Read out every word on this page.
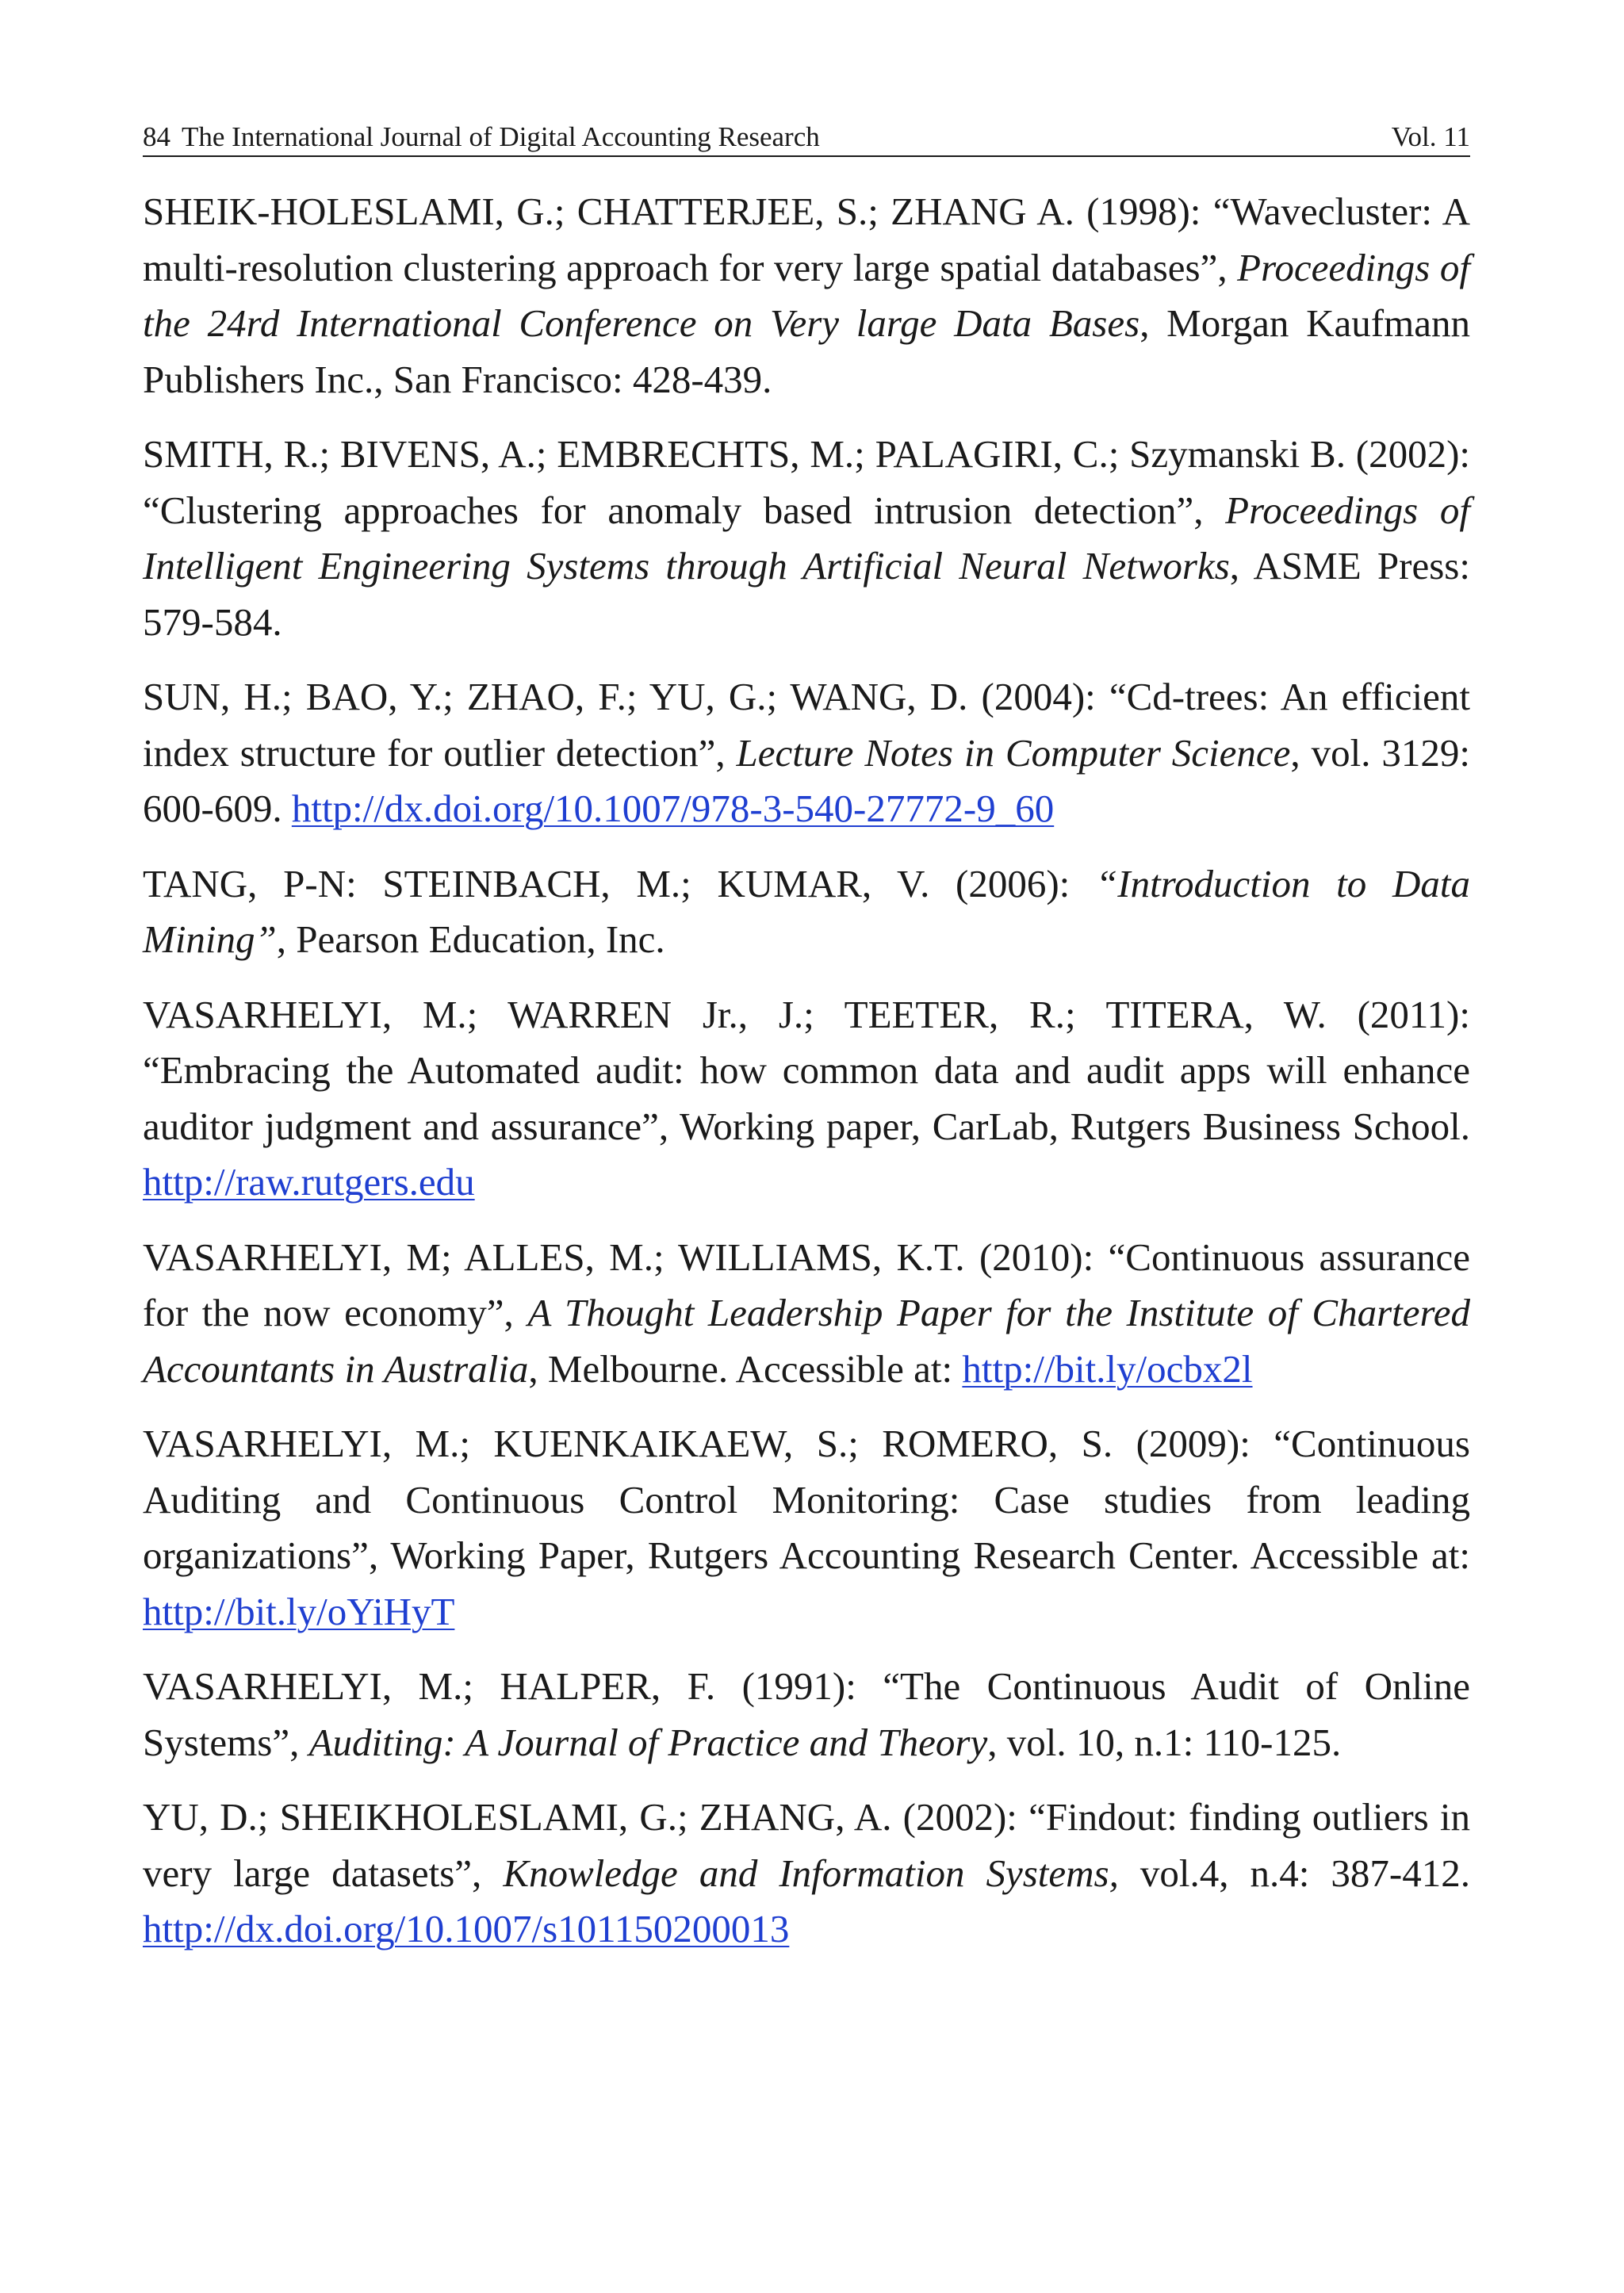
84 The International Journal of Digital Accounting Research	Vol. 11

SHEIK-HOLESLAMI, G.; CHATTERJEE, S.; ZHANG A. (1998): “Wavecluster: A multi-resolution clustering approach for very large spatial databases”, Proceedings of the 24rd International Conference on Very large Data Bases, Morgan Kaufmann Publishers Inc., San Francisco: 428-439.

SMITH, R.; BIVENS, A.; EMBRECHTS, M.; PALAGIRI, C.; Szymanski B. (2002): “Clustering approaches for anomaly based intrusion detection”, Proceedings of Intelligent Engineering Systems through Artificial Neural Networks, ASME Press: 579-584.

SUN, H.; BAO, Y.; ZHAO, F.; YU, G.; WANG, D. (2004): “Cd-trees: An efficient index structure for outlier detection”, Lecture Notes in Computer Science, vol. 3129: 600-609. http://dx.doi.org/10.1007/978-3-540-27772-9_60

TANG, P-N: STEINBACH, M.; KUMAR, V. (2006): “Introduction to Data Mining”, Pearson Education, Inc.

VASARHELYI, M.; WARREN Jr., J.; TEETER, R.; TITERA, W. (2011): “Embracing the Automated audit: how common data and audit apps will enhance auditor judgment and assurance”, Working paper, CarLab, Rutgers Business School. http://raw.rutgers.edu

VASARHELYI, M; ALLES, M.; WILLIAMS, K.T. (2010): “Continuous assurance for the now economy”, A Thought Leadership Paper for the Institute of Chartered Accountants in Australia, Melbourne. Accessible at: http://bit.ly/ocbx2l

VASARHELYI, M.; KUENKAIKAEW, S.; ROMERO, S. (2009): “Continuous Auditing and Continuous Control Monitoring: Case studies from leading organizations”, Working Paper, Rutgers Accounting Research Center. Accessible at: http://bit.ly/oYiHyT

VASARHELYI, M.; HALPER, F. (1991): “The Continuous Audit of Online Systems”, Auditing: A Journal of Practice and Theory, vol. 10, n.1: 110-125.

YU, D.; SHEIKHOLESLAMI, G.; ZHANG, A. (2002): “Findout: finding outliers in very large datasets”, Knowledge and Information Systems, vol.4, n.4: 387-412. http://dx.doi.org/10.1007/s101150200013
